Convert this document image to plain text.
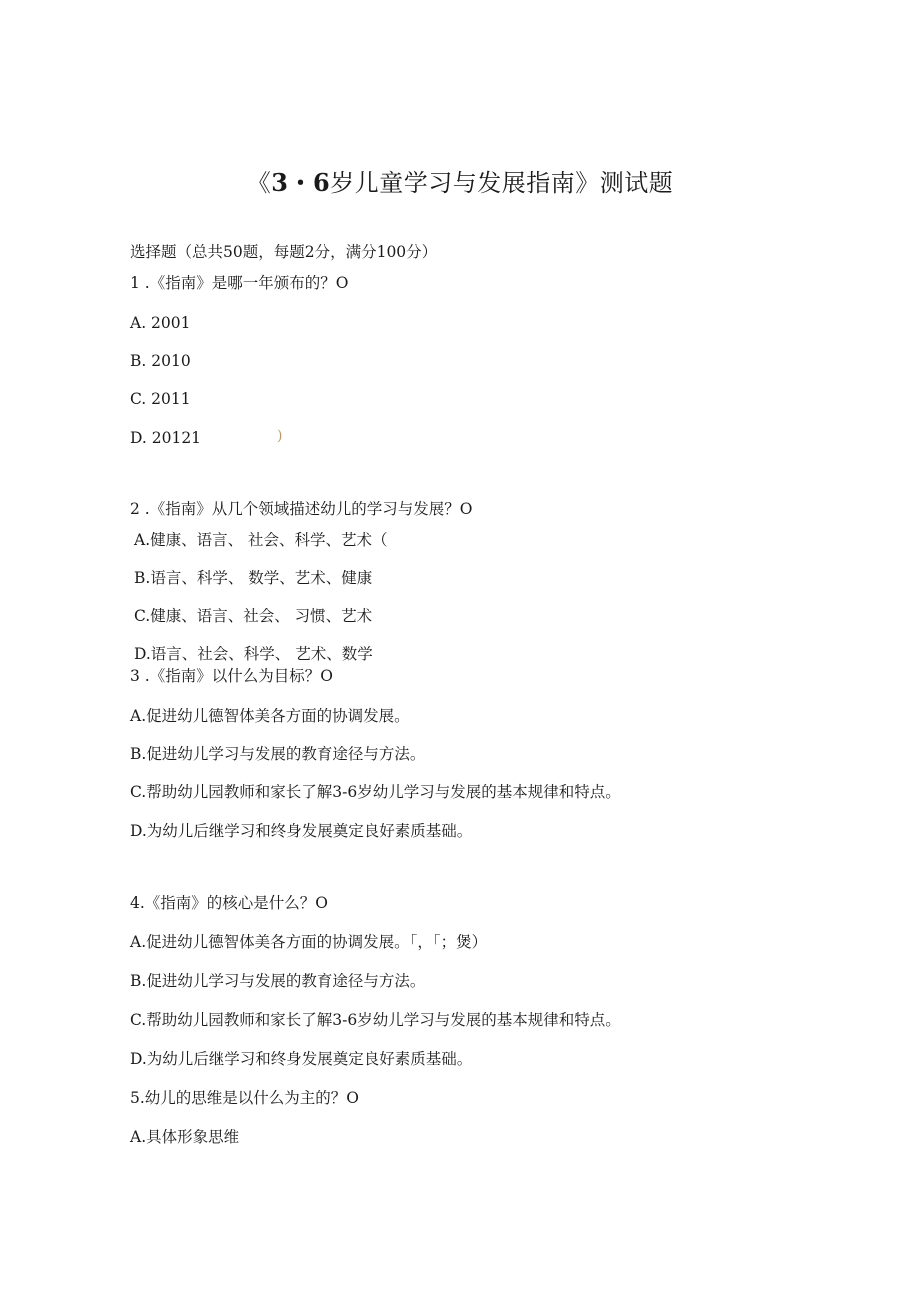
《3・6岁儿童学习与发展指南》测试题
选择题（总共50题，每题2分，满分100分）
1 .《指南》是哪一年颁布的？O
A. 2001
B. 2010
C. 2011
D. 20121	)
2 .《指南》从几个领域描述幼儿的学习与发展？O
A.健康、语言、 社会、科学、艺术（
B.语言、科学、 数学、艺术、健康
C.健康、语言、社会、 习惯、艺术
D.语言、社会、科学、 艺术、数学
3 .《指南》以什么为目标？O
A.促进幼儿德智体美各方面的协调发展。
B.促进幼儿学习与发展的教育途径与方法。
C.帮助幼儿园教师和家长了解3-6岁幼儿学习与发展的基本规律和特点。
D.为幼儿后继学习和终身发展奠定良好素质基础。
4.《指南》的核心是什么？O
A.促进幼儿德智体美各方面的协调发展。「，「；煲）
B.促进幼儿学习与发展的教育途径与方法。
C.帮助幼儿园教师和家长了解3-6岁幼儿学习与发展的基本规律和特点。
D.为幼儿后继学习和终身发展奠定良好素质基础。
5.幼儿的思维是以什么为主的？O
A.具体形象思维
